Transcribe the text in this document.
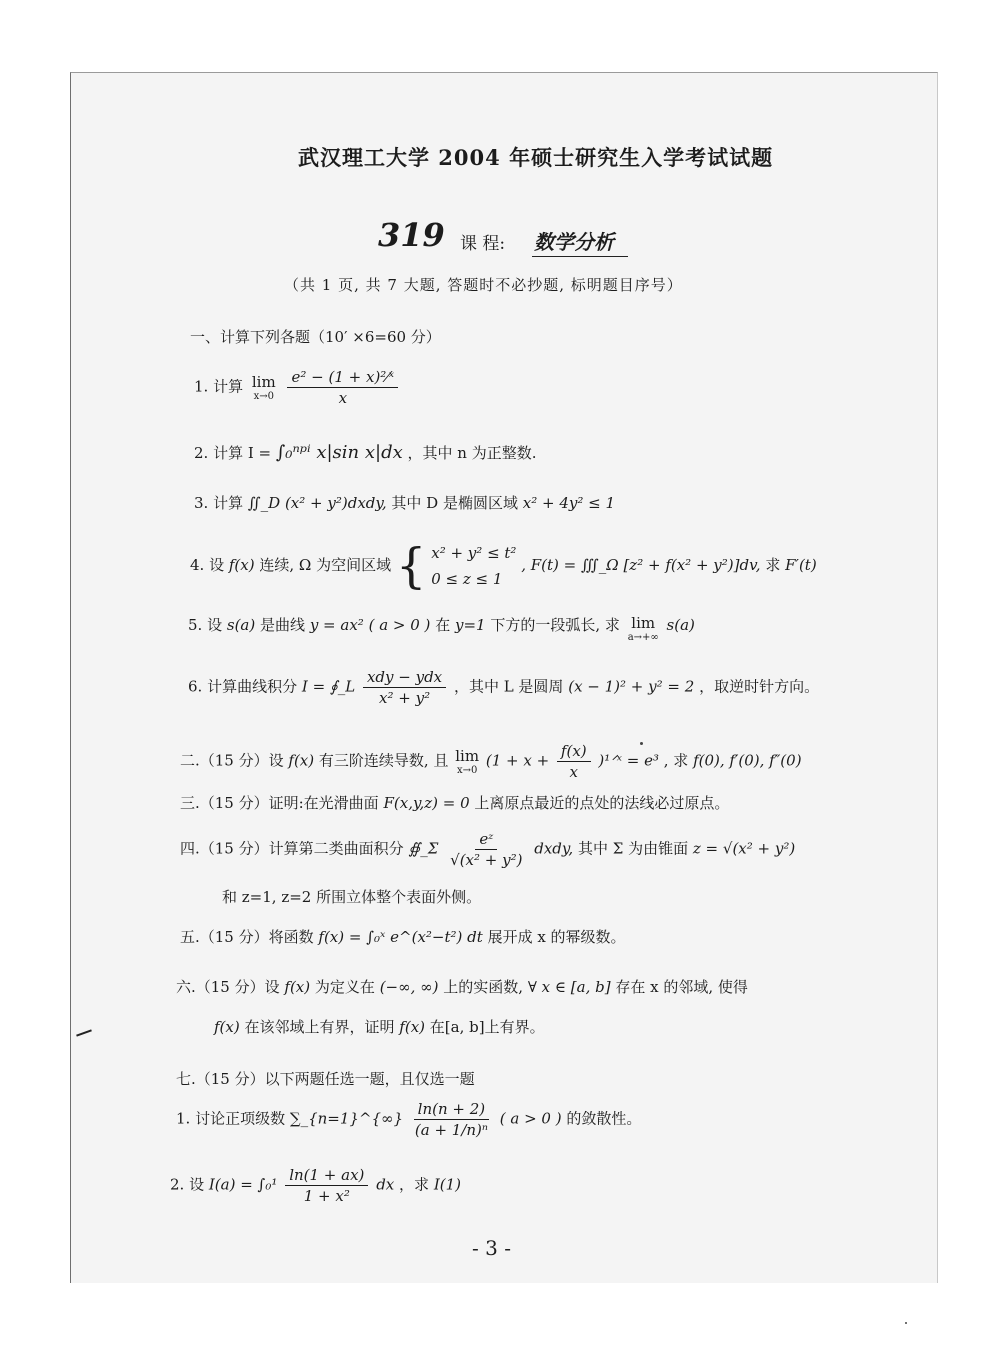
武汉理工大学 2004 年硕士研究生入学考试试题
319 课 程: 数学分析
（共 1 页, 共 7 大题, 答题时不必抄题, 标明题目序号）
一、计算下列各题（10′ ×6=60 分）
1. 计算 lim
x→0
$\frac{\text{e² − (1 + x)²⁄ˣ}}{x}$
2. 计算 I = ∫₀ⁿᵖⁱ x|sin x|dx ，其中 n 为正整数.
3. 计算 ∬_D (x² + y²)dxdy, 其中 D 是椭圆区域 x² + 4y² ≤ 1
4. 设 f(x) 连续, Ω 为空间区域 { x² + y² ≤ t²
0 ≤ z ≤ 1
, F(t) = ∭_Ω [z² + f(x² + y²)]dv, 求 F′(t)
5. 设 s(a) 是曲线 y = ax² ( a > 0 ) 在 y=1 下方的一段弧长, 求 lim
a→+∞
s(a)
6. 计算曲线积分 I = ∮_L $\frac{\text{xdy − ydx}}{\text{x² + y²}}$ ，其中 L 是圆周 (x − 1)² + y² = 2 ，取逆时针方向。
二.（15 分）设 f(x) 有三阶连续导数, 且 lim
x→0
($1 + x + \frac{f(x)}{x}$ )¹ᐟˣ = e³ , 求 f(0), f′(0), f″(0)
三.（15 分）证明:在光滑曲面 F(x,y,z) = 0 上离原点最近的点处的法线必过原点。
四.（15 分）计算第二类曲面积分 ∯_Σ $\frac{\text{eᶻ}}{\text{√(x² + y²)}}$ dxdy, 其中 Σ 为由锥面 z = √(x² + y²)
和 z=1, z=2 所围立体整个表面外侧。
五.（15 分）将函数 f(x) = ∫₀ˣ e^(x²−t²) dt 展开成 x 的幂级数。
六.（15 分）设 f(x) 为定义在 (−∞, ∞) 上的实函数, ∀ x ∈ [a, b] 存在 x 的邻域, 使得
f(x) 在该邻域上有界，证明 f(x) 在[a, b]上有界。
七.（15 分）以下两题任选一题，且仅选一题
1. 讨论正项级数 ∑_{n=1}^{∞} $\frac{\ln(n + 2)}{\text{(a + 1/n)ⁿ}}$ ( a > 0 ) 的敛散性。
2. 设 $I(a) = \int_0^1 \frac{\ln(1 + ax)}{\text{1 + x²}}$ dx ，求 I(1)
- 3 -
